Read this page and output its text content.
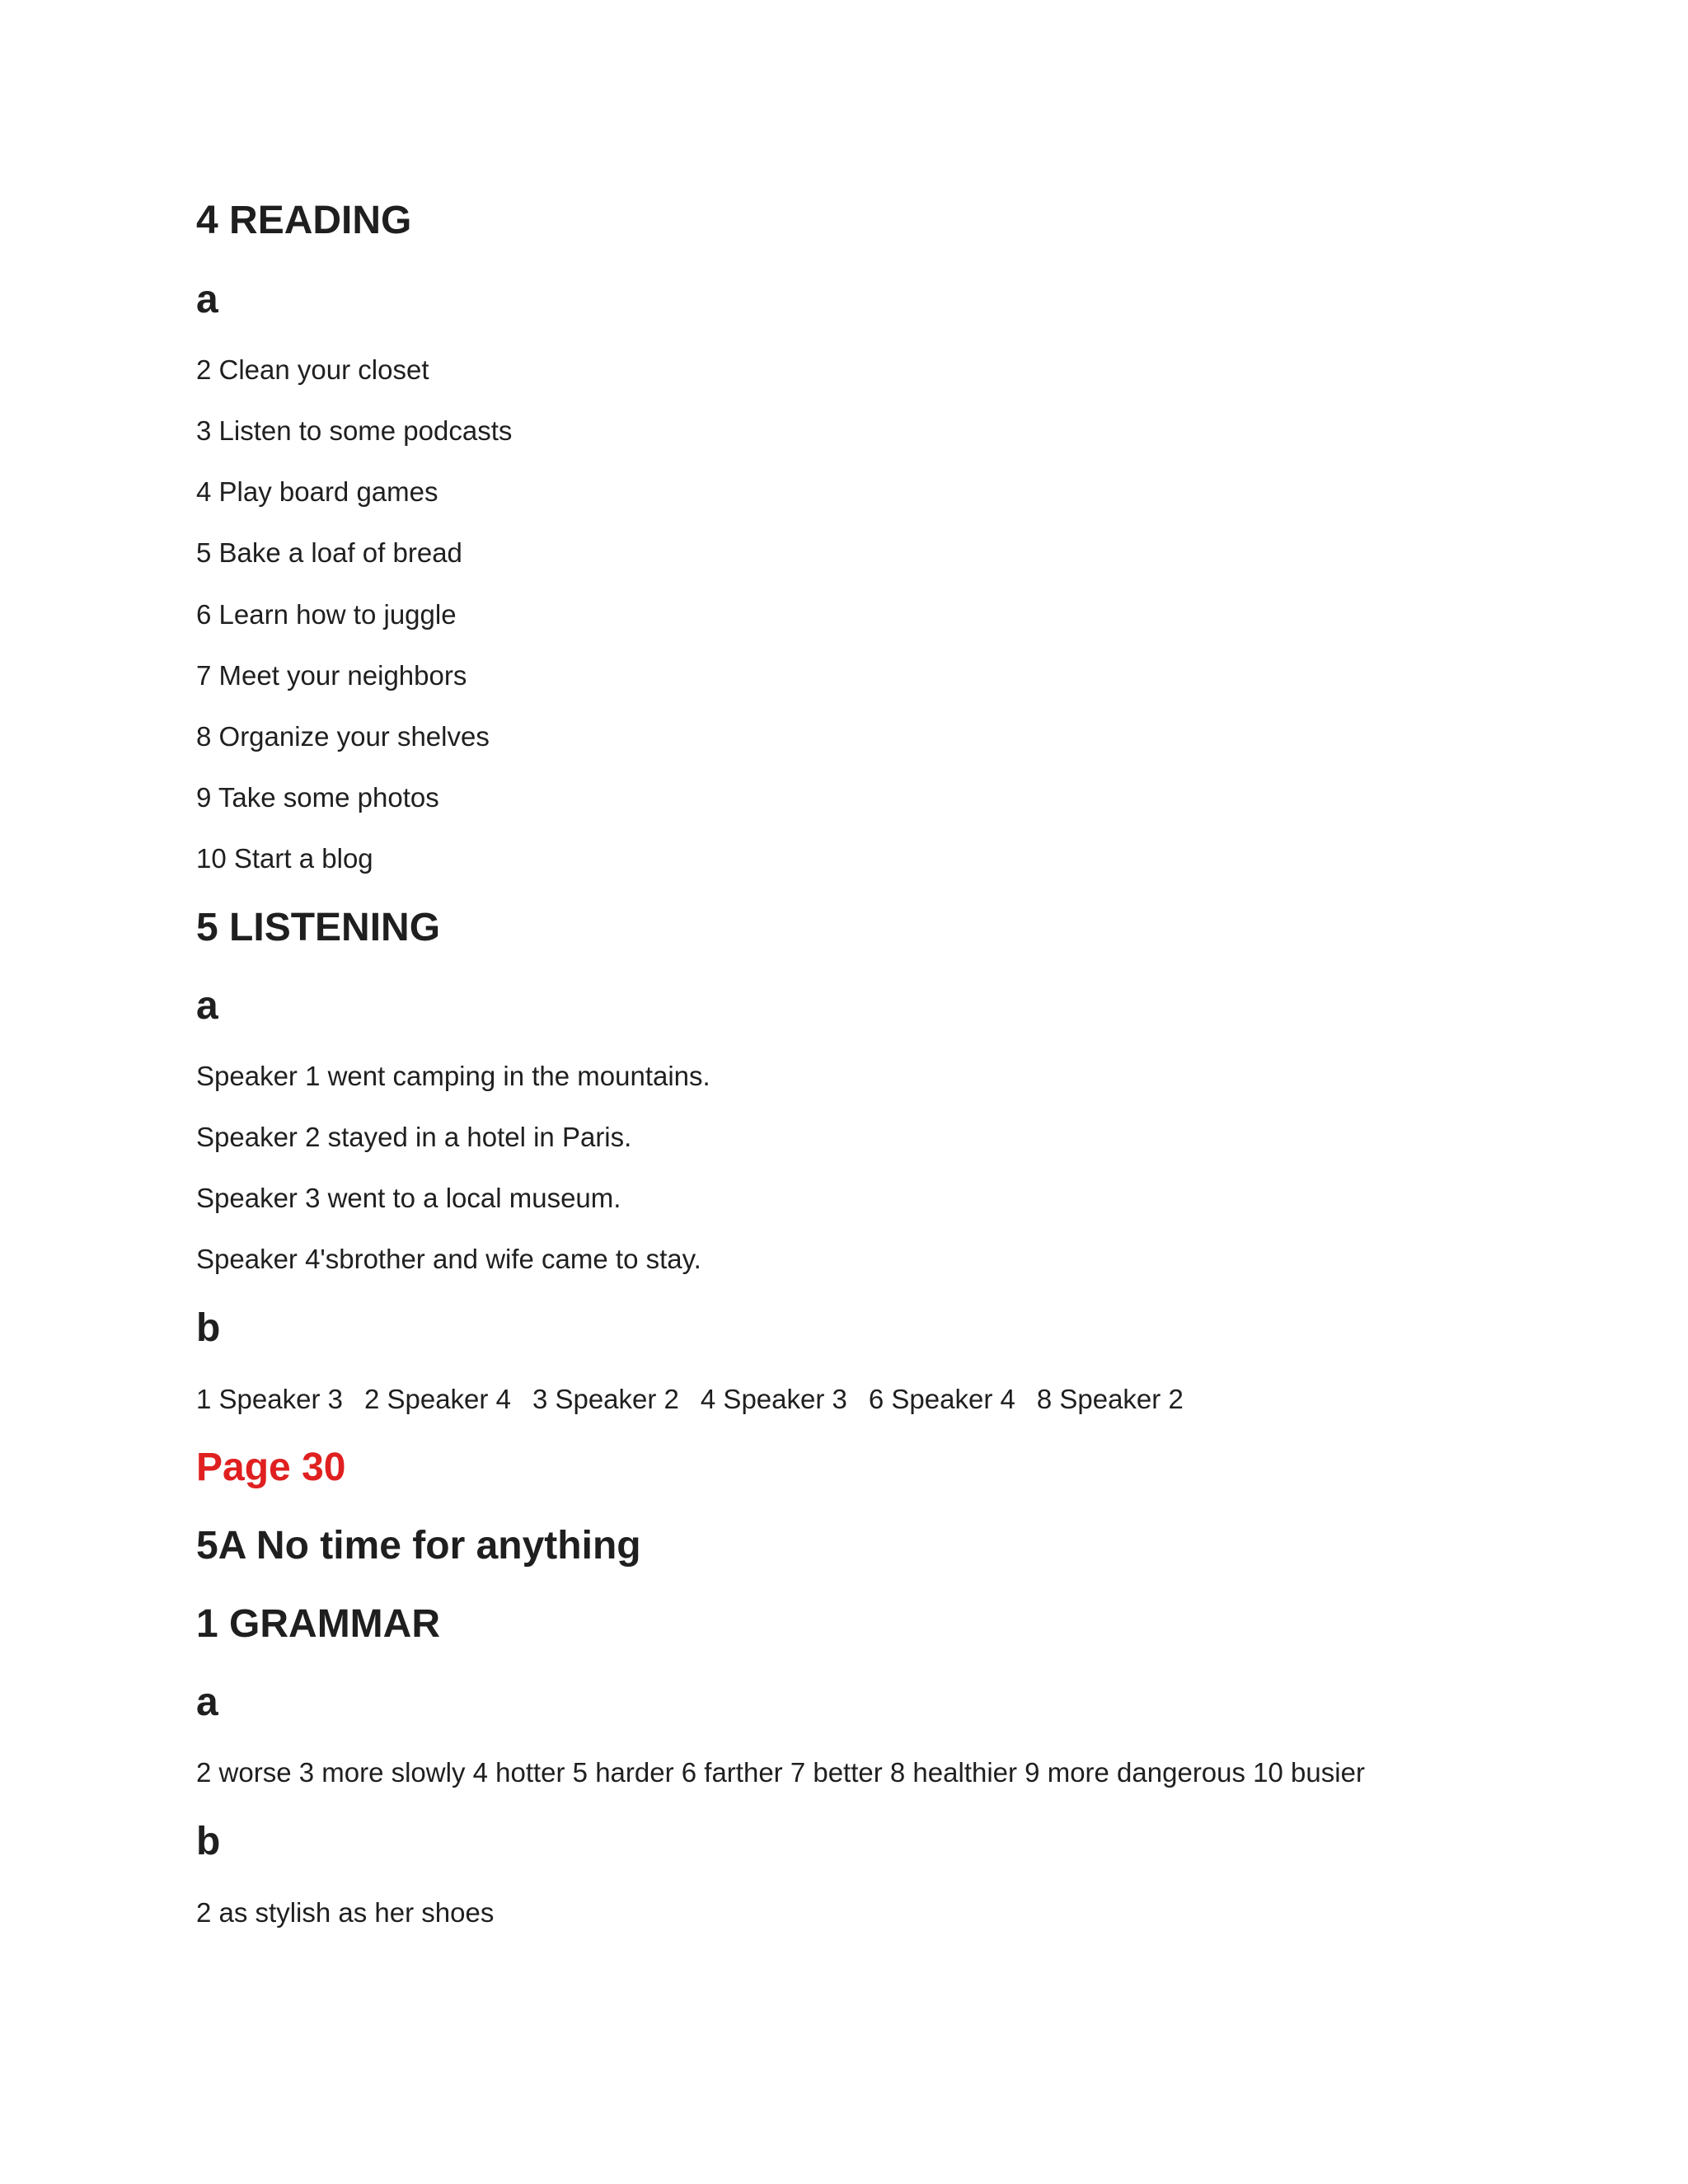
4 READING
a
2 Clean your closet
3 Listen to some podcasts
4 Play board games
5 Bake a loaf of bread
6 Learn how to juggle
7 Meet your neighbors
8 Organize your shelves
9 Take some photos
10 Start a blog
5 LISTENING
a
Speaker 1 went camping in the mountains.
Speaker 2 stayed in a hotel in Paris.
Speaker 3 went to a local museum.
Speaker 4'sbrother and wife came to stay.
b
1 Speaker 3 2 Speaker 4 3 Speaker 2 4 Speaker 3 6 Speaker 4 8 Speaker 2
Page 30
5A No time for anything
1 GRAMMAR
a
2 worse 3 more slowly 4 hotter 5 harder 6 farther 7 better 8 healthier 9 more dangerous 10 busier
b
2 as stylish as her shoes
